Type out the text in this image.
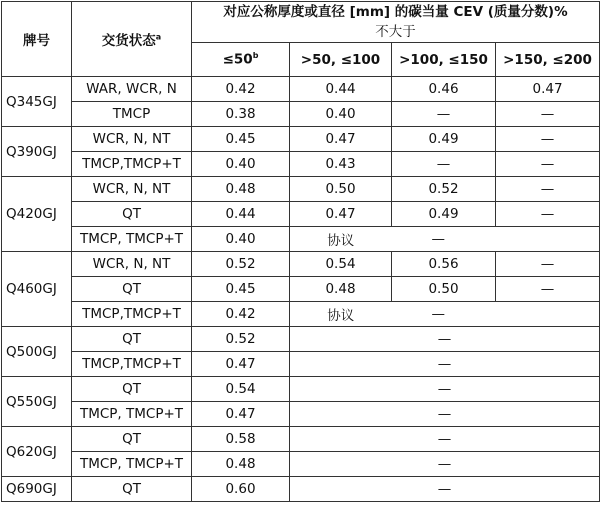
牌号	交货状态$^a$	对应公称厚度或直径 [mm] 的碳当量 CEV (质量分数)%
不大于			

		$\le 50^b$	>50, ≤100	>100, ≤150	>150, ≤200
Q345GJ	WAR, WCR, N	0.42	0.44	0.46	0.47
	TMCP	0.38	0.40	—	—
Q390GJ	WCR, N, NT	0.45	0.47	0.49	—
	TMCP,TMCP+T	0.40	0.43	—	—
Q420GJ	WCR, N, NT	0.48	0.50	0.52	—
	QT	0.44	0.47	0.49	—
	TMCP, TMCP+T	0.40	协议	—	
Q460GJ	WCR, N, NT	0.52	0.54	0.56	—
	QT	0.45	0.48	0.50	—
	TMCP,TMCP+T	0.42	协议	—	
Q500GJ	QT	0.52	—		
	TMCP,TMCP+T	0.47	—		
Q550GJ	QT	0.54	—		
	TMCP, TMCP+T	0.47	—		
Q620GJ	QT	0.58	—		
	TMCP, TMCP+T	0.48	—		
Q690GJ	QT	0.60	—		
